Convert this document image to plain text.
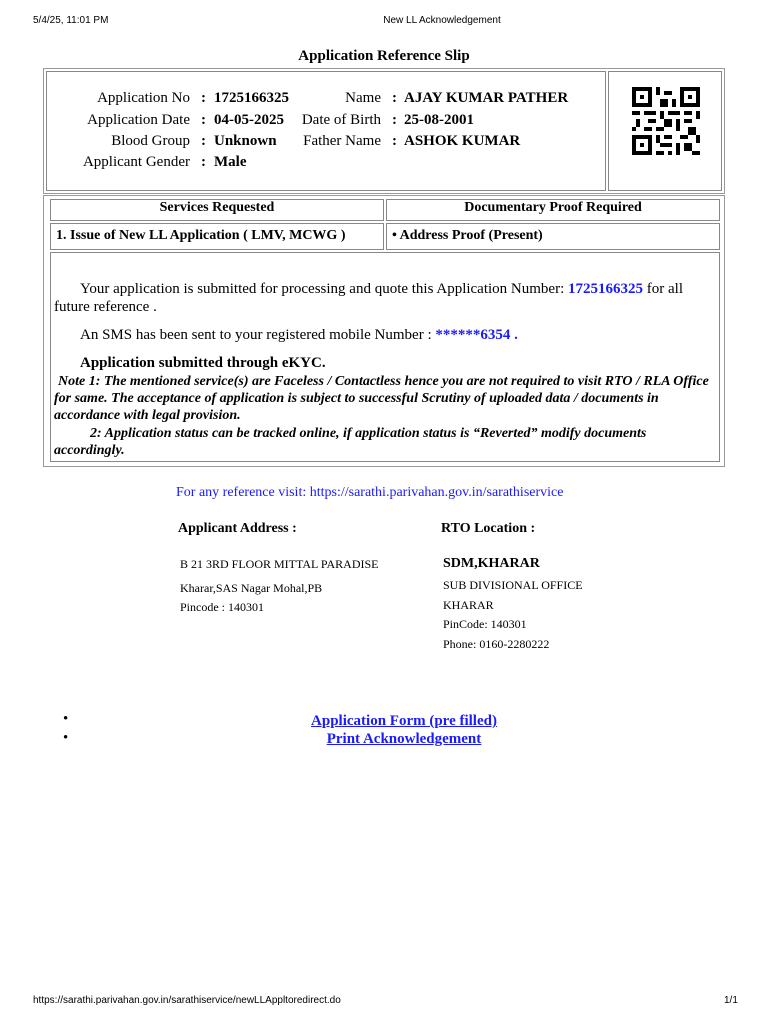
5/4/25, 11:01 PM	New LL Acknowledgement
Application Reference Slip
Application No : 1725166325	Name : AJAY KUMAR PATHER
Application Date : 04-05-2025 Date of Birth : 25-08-2001
Blood Group : Unknown Father Name : ASHOK KUMAR
Applicant Gender : Male
Services Requested	Documentary Proof Required
1. Issue of New LL Application ( LMV, MCWG )	• Address Proof (Present)
Your application is submitted for processing and quote this Application Number: 1725166325 for all
future reference .
An SMS has been sent to your registered mobile Number : ******6354 .
Application submitted through eKYC.
Note 1: The mentioned service(s) are Faceless / Contactless hence you are not required to visit RTO / RLA Office for same. The acceptance of application is subject to successful Scrutiny of uploaded data / documents in accordance with legal provision.
2: Application status can be tracked online, if application status is “Reverted” modify documents accordingly.
For any reference visit: https://sarathi.parivahan.gov.in/sarathiservice
Applicant Address :
B 21 3RD FLOOR MITTAL PARADISE
Kharar,SAS Nagar Mohal,PB
Pincode : 140301
RTO Location :
SDM,KHARAR
SUB DIVISIONAL OFFICE
KHARAR
PinCode: 140301
Phone: 0160-2280222
•
•
Application Form (pre filled)
Print Acknowledgement
https://sarathi.parivahan.gov.in/sarathiservice/newLLAppltoredirect.do	1/1
